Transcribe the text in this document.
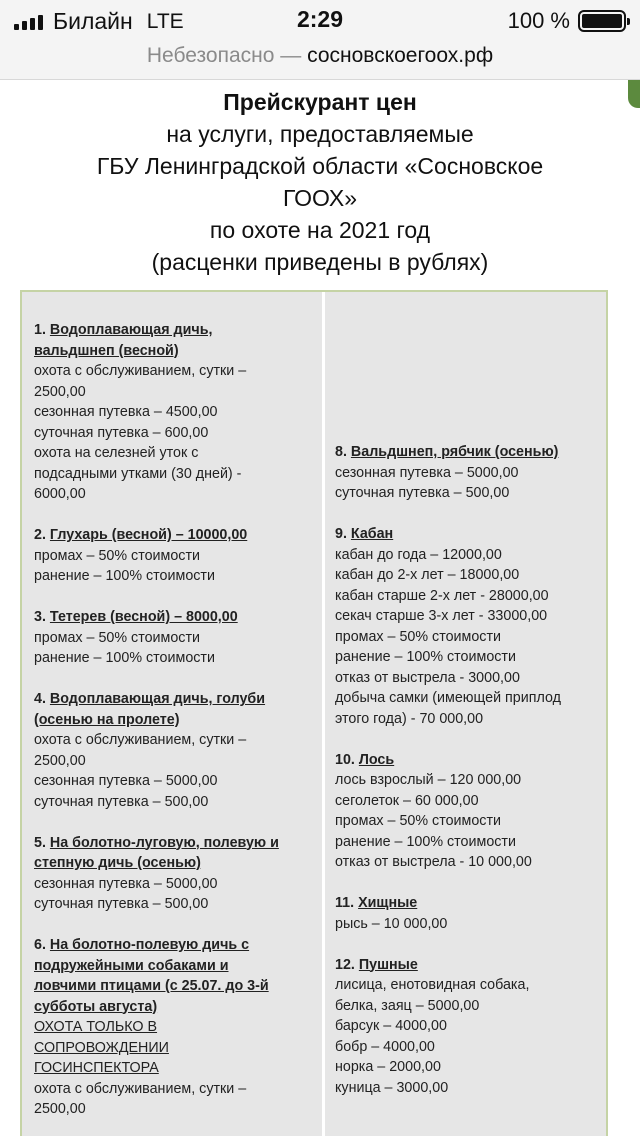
Билайн LTE	2:29	100 %
Небезопасно — сосновскоегоох.рф
Прейскурант цен
на услуги, предоставляемые
ГБУ Ленинградской области «Сосновское
ГООХ»
по охоте на 2021 год
(расценки приведены в рублях)
1. Водоплавающая дичь,
вальдшнеп (весной)
охота с обслуживанием, сутки –
2500,00
сезонная путевка – 4500,00
суточная путевка – 600,00
охота на селезней уток с
подсадными утками (30 дней) -
6000,00
2. Глухарь (весной) – 10000,00
промах – 50% стоимости
ранение – 100% стоимости
3. Тетерев (весной) – 8000,00
промах – 50% стоимости
ранение – 100% стоимости
4. Водоплавающая дичь, голуби
(осенью на пролете)
охота с обслуживанием, сутки –
2500,00
сезонная путевка – 5000,00
суточная путевка – 500,00
5. На болотно-луговую, полевую и
степную дичь (осенью)
сезонная путевка – 5000,00
суточная путевка – 500,00
6. На болотно-полевую дичь с
подружейными собаками и
ловчими птицами (с 25.07. до 3-й
субботы августа)
ОХОТА ТОЛЬКО В
СОПРОВОЖДЕНИИ
ГОСИНСПЕКТОРА
охота с обслуживанием, сутки –
2500,00
8. Вальдшнеп, рябчик (осенью)
сезонная путевка – 5000,00
суточная путевка – 500,00
9. Кабан
кабан до года – 12000,00
кабан до 2-х лет – 18000,00
кабан старше 2-х лет - 28000,00
секач старше 3-х лет - 33000,00
промах – 50% стоимости
ранение – 100% стоимости
отказ от выстрела - 3000,00
добыча самки (имеющей приплод
этого года) - 70 000,00
10. Лось
лось взрослый – 120 000,00
сеголеток – 60 000,00
промах – 50% стоимости
ранение – 100% стоимости
отказ от выстрела - 10 000,00
11. Хищные
рысь – 10 000,00
12. Пушные
лисица, енотовидная собака,
белка, заяц – 5000,00
барсук – 4000,00
бобр – 4000,00
норка – 2000,00
куница – 3000,00
